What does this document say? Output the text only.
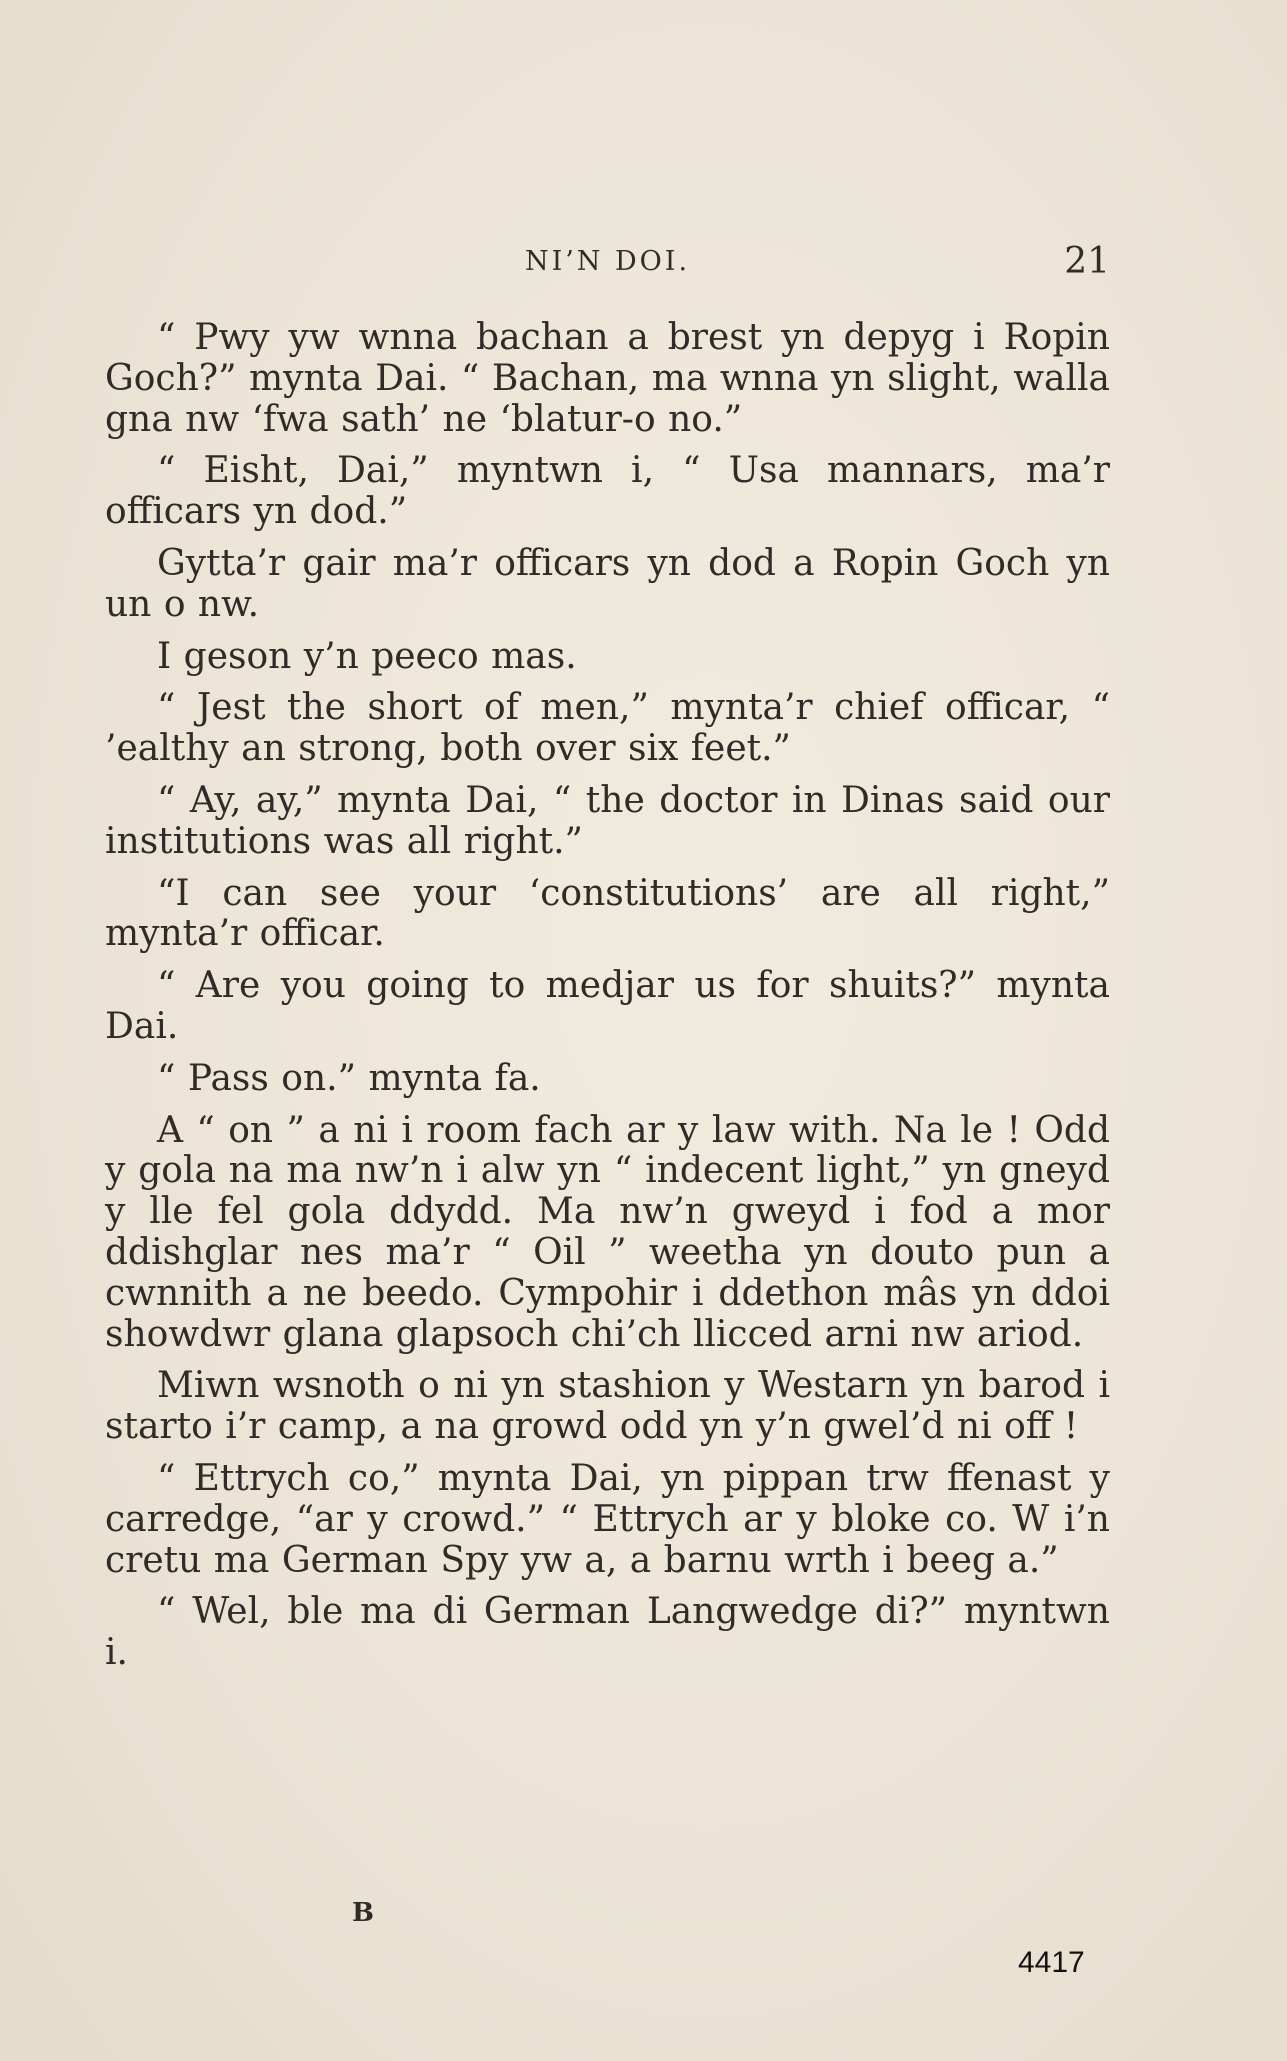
NI’N DOI.	21

“ Pwy yw wnna bachan a brest yn depyg i Ropin Goch?” mynta Dai. “ Bachan, ma wnna yn slight, walla gna nw ‘fwa sath’ ne ‘blatur-o no.”

“ Eisht, Dai,” myntwn i, “ Usa mannars, ma’r officars yn dod.”

Gytta’r gair ma’r officars yn dod a Ropin Goch yn un o nw.

I geson y’n peeco mas.

“ Jest the short of men,” mynta’r chief officar, “ ’ealthy an strong, both over six feet.”

“ Ay, ay,” mynta Dai, “ the doctor in Dinas said our institutions was all right.”

“I can see your ‘constitutions’ are all right,” mynta’r officar.

“ Are you going to medjar us for shuits?” mynta Dai.

“ Pass on.” mynta fa.

A “ on ” a ni i room fach ar y law with. Na le ! Odd y gola na ma nw’n i alw yn “ indecent light,” yn gneyd y lle fel gola ddydd. Ma nw’n gweyd i fod a mor ddishglar nes ma’r “ Oil ” weetha yn douto pun a cwnnith a ne beedo. Cympohir i ddethon mâs yn ddoi showdwr glana glapsoch chi’ch llicced arni nw ariod.

Miwn wsnoth o ni yn stashion y Westarn yn barod i starto i’r camp, a na growd odd yn y’n gwel’d ni off !

“ Ettrych co,” mynta Dai, yn pippan trw ffenast y carredge, “ar y crowd.” “ Ettrych ar y bloke co. W i’n cretu ma German Spy yw a, a barnu wrth i beeg a.”

“ Wel, ble ma di German Langwedge di?” myntwn i.

B
4417
